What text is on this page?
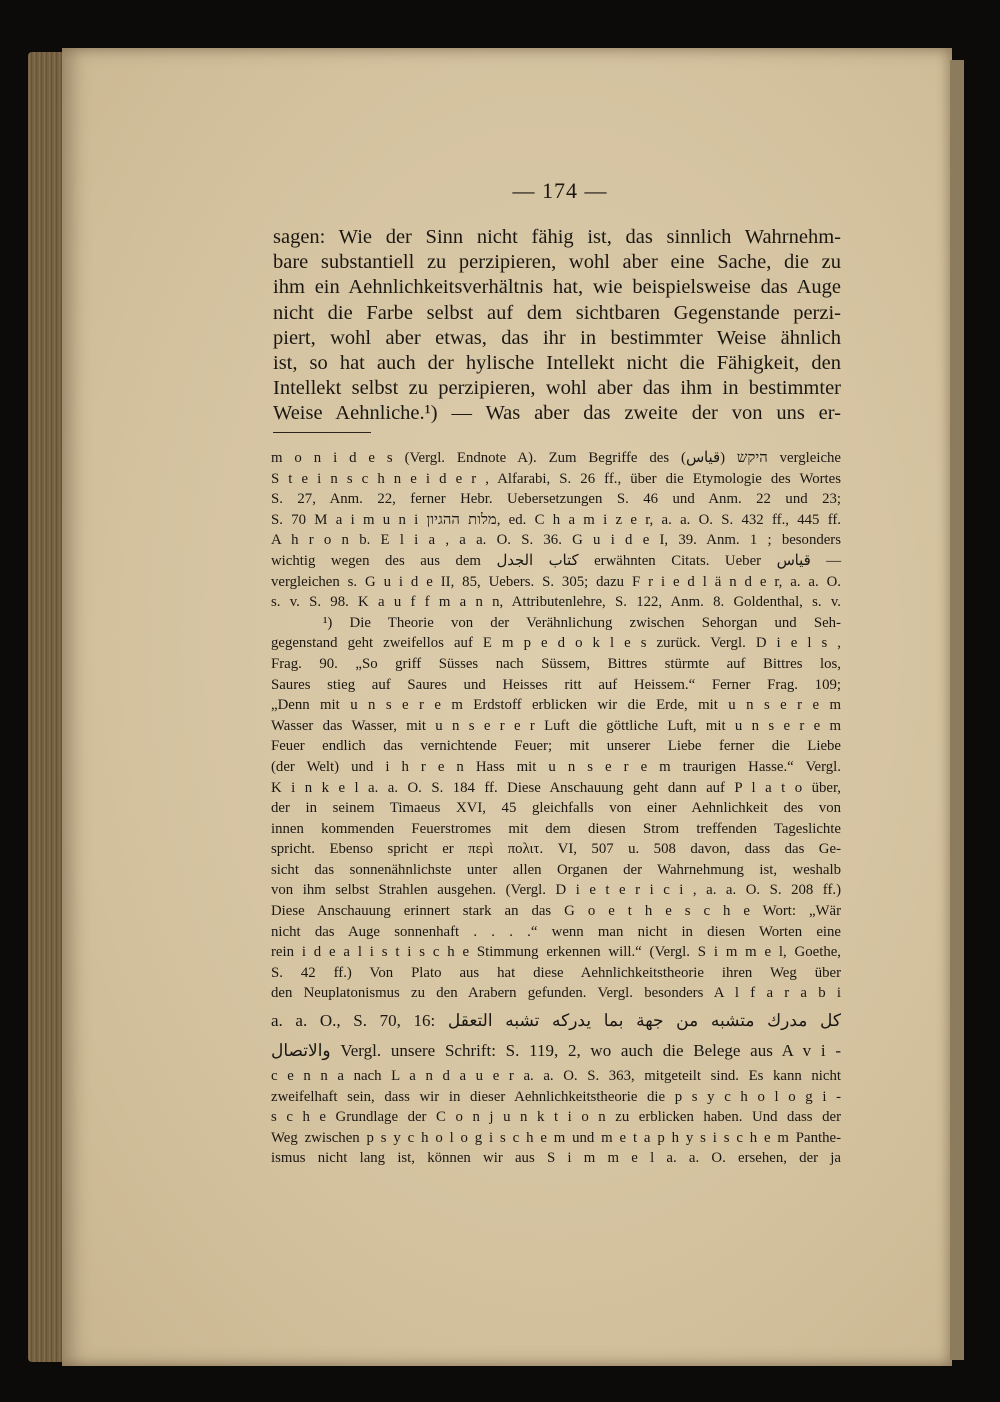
— 174 —
sagen: Wie der Sinn nicht fähig ist, das sinnlich Wahrnehm-
bare substantiell zu perzipieren, wohl aber eine Sache, die zu
ihm ein Aehnlichkeitsverhältnis hat, wie beispielsweise das Auge
nicht die Farbe selbst auf dem sichtbaren Gegenstande perzi-
piert, wohl aber etwas, das ihr in bestimmter Weise ähnlich
ist, so hat auch der hylische Intellekt nicht die Fähigkeit, den
Intellekt selbst zu perzipieren, wohl aber das ihm in bestimmter
Weise Aehnliche.¹) — Was aber das zweite der von uns er-
m o n i d e s (Vergl. Endnote A). Zum Begriffe des היקש (قياس) vergleiche
S t e i n s c h n e i d e r , Alfarabi, S. 26 ff., über die Etymologie des Wortes
S. 27, Anm. 22, ferner Hebr. Uebersetzungen S. 46 und Anm. 22 und 23;
S. 70 M a i m u n i מלות ההגיון, ed. C h a m i z e r, a. a. O. S. 432 ff., 445 ff.
A h r o n b. E l i a , a a. O. S. 36. G u i d e I, 39. Anm. 1 ; besonders
wichtig wegen des aus dem كتاب الجدل erwähnten Citats. Ueber قياس —
vergleichen s. G u i d e II, 85, Uebers. S. 305; dazu F r i e d l ä n d e r, a. a. O.
s. v. S. 98. K a u f f m a n n, Attributenlehre, S. 122, Anm. 8. Goldenthal, s. v.
¹) Die Theorie von der Verähnlichung zwischen Sehorgan und Seh-
gegenstand geht zweifellos auf E m p e d o k l e s zurück. Vergl. D i e l s ,
Frag. 90. „So griff Süsses nach Süssem, Bittres stürmte auf Bittres los,
Saures stieg auf Saures und Heisses ritt auf Heissem.“ Ferner Frag. 109;
„Denn mit u n s e r e m Erdstoff erblicken wir die Erde, mit u n s e r e m
Wasser das Wasser, mit u n s e r e r Luft die göttliche Luft, mit u n s e r e m
Feuer endlich das vernichtende Feuer; mit unserer Liebe ferner die Liebe
(der Welt) und i h r e n Hass mit u n s e r e m traurigen Hasse.“ Vergl.
K i n k e l a. a. O. S. 184 ff. Diese Anschauung geht dann auf P l a t o über,
der in seinem Timaeus XVI, 45 gleichfalls von einer Aehnlichkeit des von
innen kommenden Feuerstromes mit dem diesen Strom treffenden Tageslichte
spricht. Ebenso spricht er περὶ πολιτ. VI, 507 u. 508 davon, dass das Ge-
sicht das sonnenähnlichste unter allen Organen der Wahrnehmung ist, weshalb
von ihm selbst Strahlen ausgehen. (Vergl. D i e t e r i c i , a. a. O. S. 208 ff.)
Diese Anschauung erinnert stark an das G o e t h e s c h e Wort: „Wär
nicht das Auge sonnenhaft . . . .“ wenn man nicht in diesen Worten eine
rein i d e a l i s t i s c h e Stimmung erkennen will.“ (Vergl. S i m m e l, Goethe,
S. 42 ff.) Von Plato aus hat diese Aehnlichkeitstheorie ihren Weg über
den Neuplatonismus zu den Arabern gefunden. Vergl. besonders A l f a r a b i
a. a. O., S. 70, 16: كل مدرك متشبه من جهة بما يدركه تشبه التعقل
والاتصال Vergl. unsere Schrift: S. 119, 2, wo auch die Belege aus A v i -
c e n n a nach L a n d a u e r a. a. O. S. 363, mitgeteilt sind. Es kann nicht
zweifelhaft sein, dass wir in dieser Aehnlichkeitstheorie die p s y c h o l o g i -
s c h e Grundlage der C o n j u n k t i o n zu erblicken haben. Und dass der
Weg zwischen p s y c h o l o g i s c h e m und m e t a p h y s i s c h e m Panthe-
ismus nicht lang ist, können wir aus S i m m e l a. a. O. ersehen, der ja
